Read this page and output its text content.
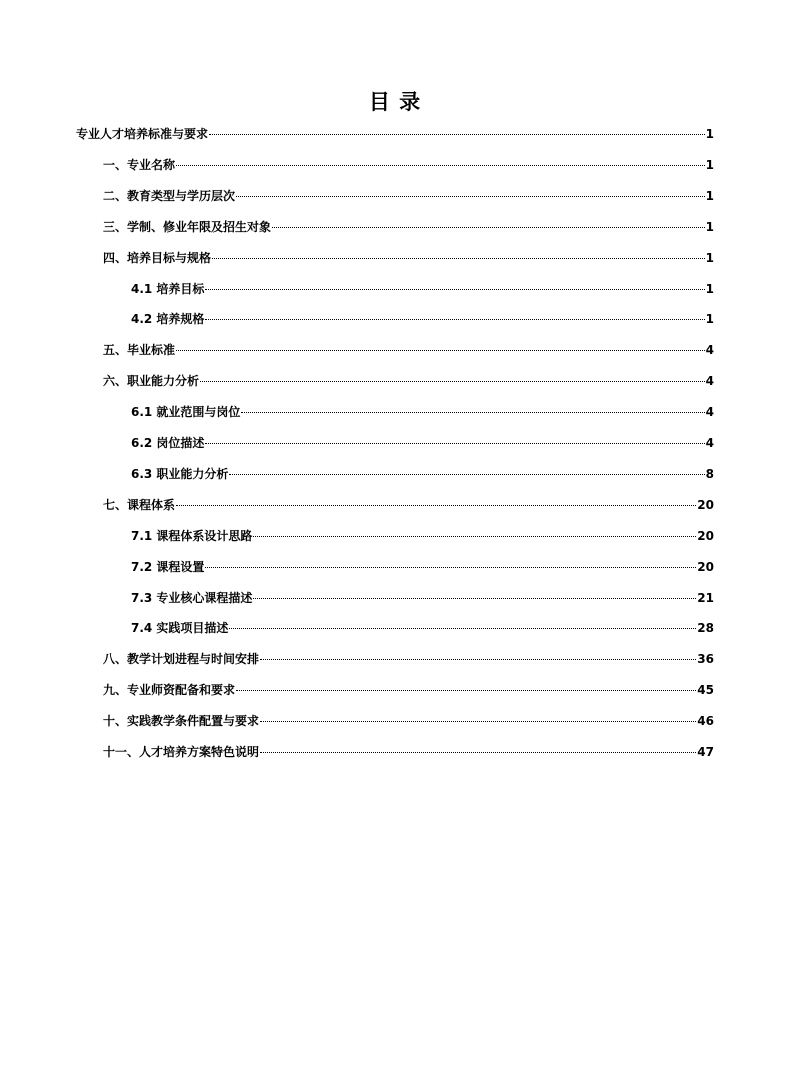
目 录
专业人才培养标准与要求	1
一、专业名称	1
二、教育类型与学历层次	1
三、学制、修业年限及招生对象	1
四、培养目标与规格	1
4.1 培养目标	1
4.2 培养规格	1
五、毕业标准	4
六、职业能力分析	4
6.1 就业范围与岗位	4
6.2 岗位描述	4
6.3 职业能力分析	8
七、课程体系	20
7.1 课程体系设计思路	20
7.2 课程设置	20
7.3 专业核心课程描述	21
7.4 实践项目描述	28
八、教学计划进程与时间安排	36
九、专业师资配备和要求	45
十、实践教学条件配置与要求	46
十一、人才培养方案特色说明	47
